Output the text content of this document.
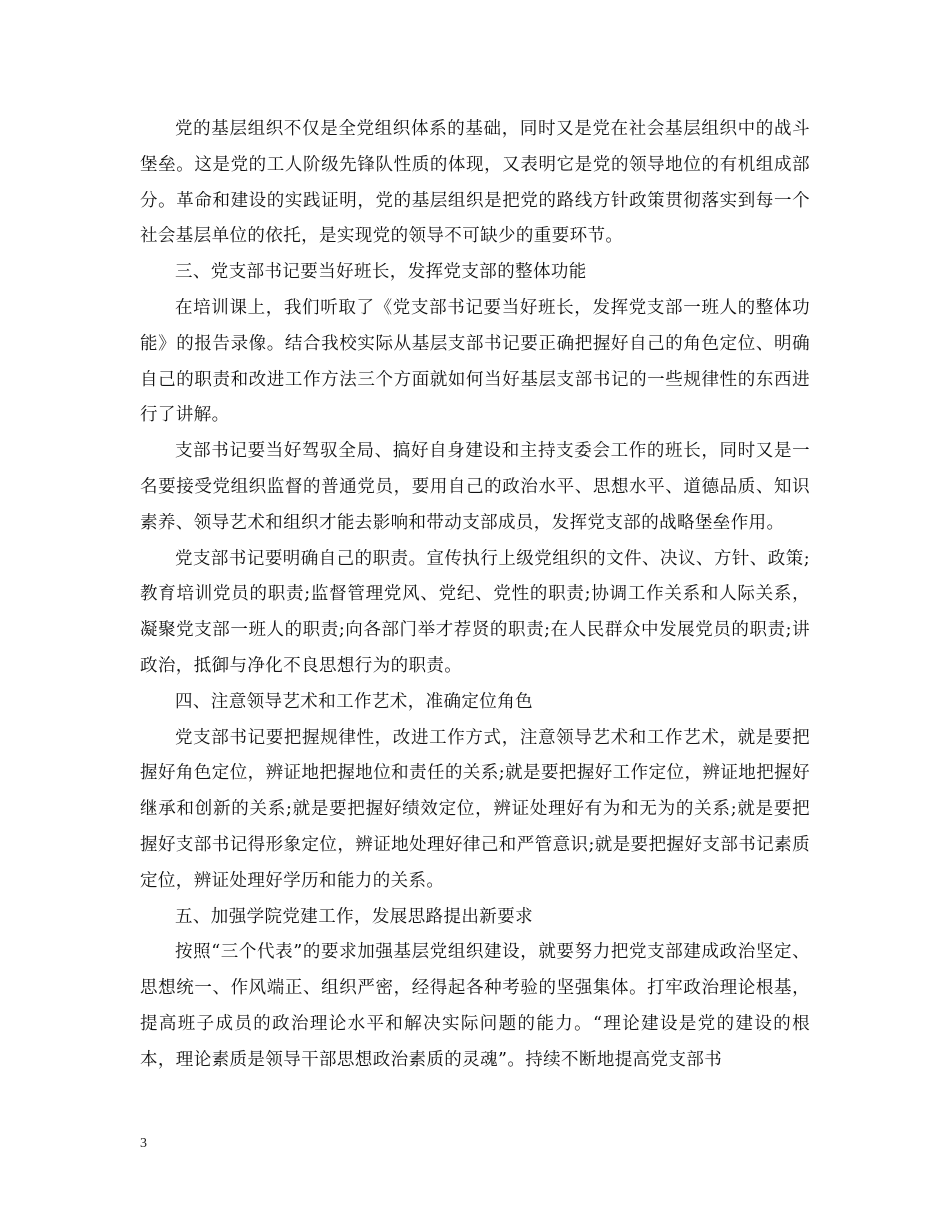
党的基层组织不仅是全党组织体系的基础，同时又是党在社会基层组织中的战斗堡垒。这是党的工人阶级先锋队性质的体现，又表明它是党的领导地位的有机组成部分。革命和建设的实践证明，党的基层组织是把党的路线方针政策贯彻落实到每一个社会基层单位的依托，是实现党的领导不可缺少的重要环节。

三、党支部书记要当好班长，发挥党支部的整体功能

在培训课上，我们听取了《党支部书记要当好班长，发挥党支部一班人的整体功能》的报告录像。结合我校实际从基层支部书记要正确把握好自己的角色定位、明确自己的职责和改进工作方法三个方面就如何当好基层支部书记的一些规律性的东西进行了讲解。

支部书记要当好驾驭全局、搞好自身建设和主持支委会工作的班长，同时又是一名要接受党组织监督的普通党员，要用自己的政治水平、思想水平、道德品质、知识素养、领导艺术和组织才能去影响和带动支部成员，发挥党支部的战略堡垒作用。

党支部书记要明确自己的职责。宣传执行上级党组织的文件、决议、方针、政策;教育培训党员的职责;监督管理党风、党纪、党性的职责;协调工作关系和人际关系，凝聚党支部一班人的职责;向各部门举才荐贤的职责;在人民群众中发展党员的职责;讲政治，抵御与净化不良思想行为的职责。

四、注意领导艺术和工作艺术，准确定位角色

党支部书记要把握规律性，改进工作方式，注意领导艺术和工作艺术，就是要把握好角色定位，辨证地把握地位和责任的关系;就是要把握好工作定位，辨证地把握好继承和创新的关系;就是要把握好绩效定位，辨证处理好有为和无为的关系;就是要把握好支部书记得形象定位，辨证地处理好律己和严管意识;就是要把握好支部书记素质定位，辨证处理好学历和能力的关系。

五、加强学院党建工作，发展思路提出新要求

按照“三个代表”的要求加强基层党组织建设，就要努力把党支部建成政治坚定、思想统一、作风端正、组织严密，经得起各种考验的坚强集体。打牢政治理论根基，提高班子成员的政治理论水平和解决实际问题的能力。“理论建设是党的建设的根本，理论素质是领导干部思想政治素质的灵魂”。持续不断地提高党支部书

3
